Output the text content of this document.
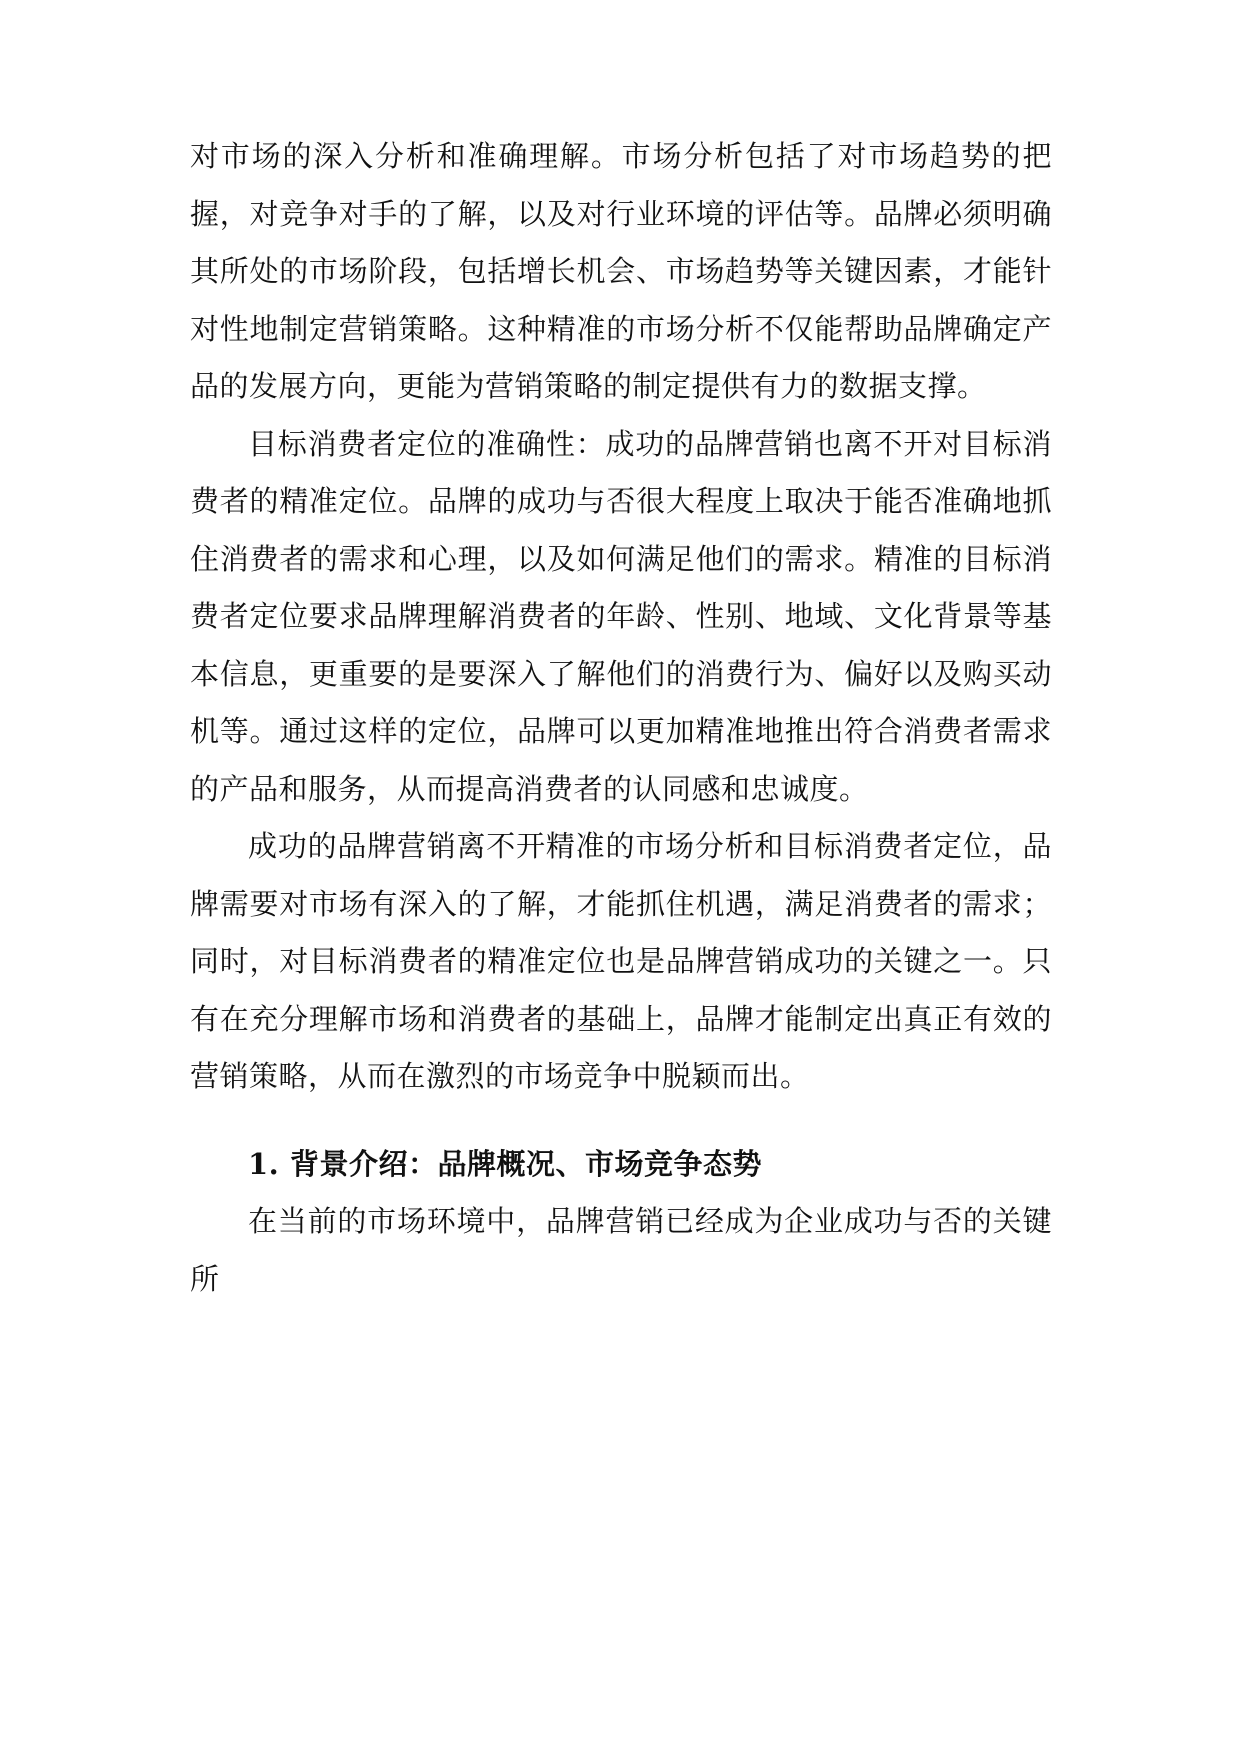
对市场的深入分析和准确理解。市场分析包括了对市场趋势的把握，对竞争对手的了解，以及对行业环境的评估等。品牌必须明确其所处的市场阶段，包括增长机会、市场趋势等关键因素，才能针对性地制定营销策略。这种精准的市场分析不仅能帮助品牌确定产品的发展方向，更能为营销策略的制定提供有力的数据支撑。

目标消费者定位的准确性：成功的品牌营销也离不开对目标消费者的精准定位。品牌的成功与否很大程度上取决于能否准确地抓住消费者的需求和心理，以及如何满足他们的需求。精准的目标消费者定位要求品牌理解消费者的年龄、性别、地域、文化背景等基本信息，更重要的是要深入了解他们的消费行为、偏好以及购买动机等。通过这样的定位，品牌可以更加精准地推出符合消费者需求的产品和服务，从而提高消费者的认同感和忠诚度。

成功的品牌营销离不开精准的市场分析和目标消费者定位，品牌需要对市场有深入的了解，才能抓住机遇，满足消费者的需求；同时，对目标消费者的精准定位也是品牌营销成功的关键之一。只有在充分理解市场和消费者的基础上，品牌才能制定出真正有效的营销策略，从而在激烈的市场竞争中脱颖而出。

1. 背景介绍：品牌概况、市场竞争态势

在当前的市场环境中，品牌营销已经成为企业成功与否的关键所
